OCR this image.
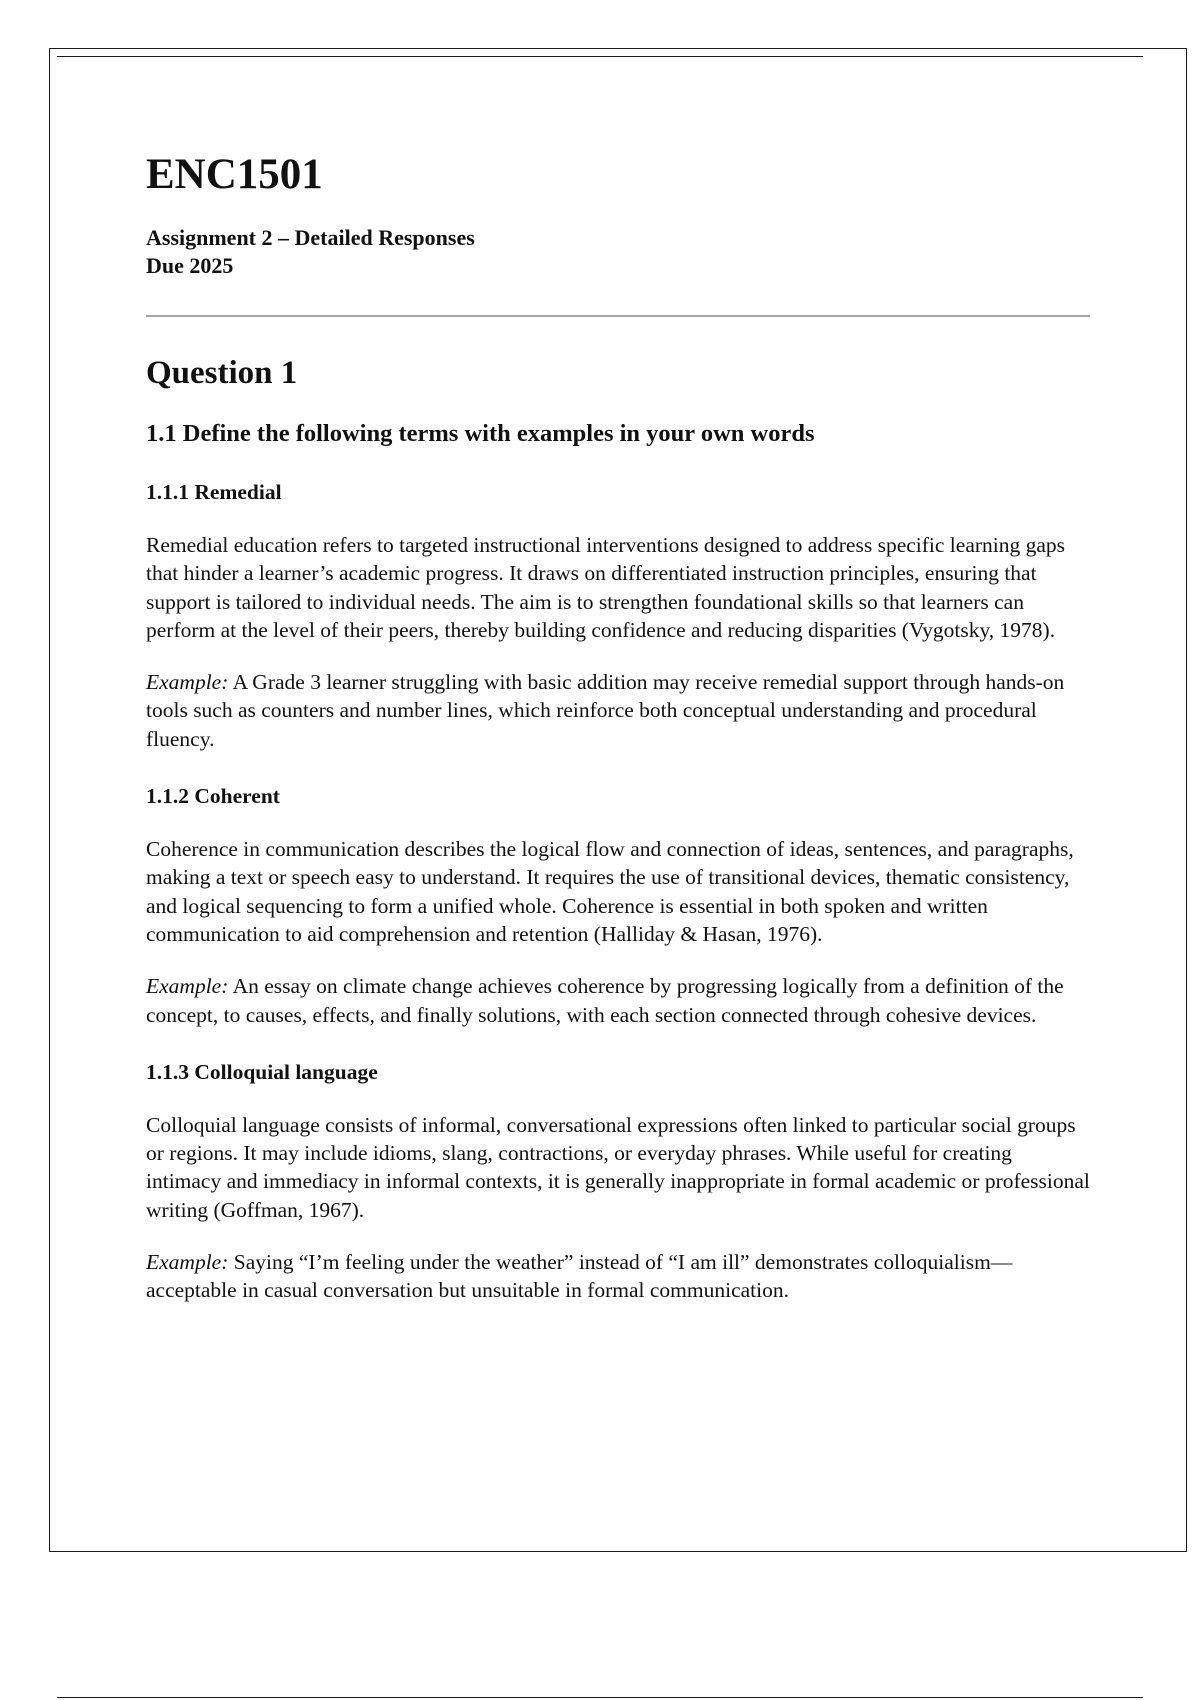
ENC1501
Assignment 2 – Detailed Responses
Due 2025
Question 1
1.1 Define the following terms with examples in your own words
1.1.1 Remedial
Remedial education refers to targeted instructional interventions designed to address specific learning gaps that hinder a learner’s academic progress. It draws on differentiated instruction principles, ensuring that support is tailored to individual needs. The aim is to strengthen foundational skills so that learners can perform at the level of their peers, thereby building confidence and reducing disparities (Vygotsky, 1978).
Example: A Grade 3 learner struggling with basic addition may receive remedial support through hands-on tools such as counters and number lines, which reinforce both conceptual understanding and procedural fluency.
1.1.2 Coherent
Coherence in communication describes the logical flow and connection of ideas, sentences, and paragraphs, making a text or speech easy to understand. It requires the use of transitional devices, thematic consistency, and logical sequencing to form a unified whole. Coherence is essential in both spoken and written communication to aid comprehension and retention (Halliday & Hasan, 1976).
Example: An essay on climate change achieves coherence by progressing logically from a definition of the concept, to causes, effects, and finally solutions, with each section connected through cohesive devices.
1.1.3 Colloquial language
Colloquial language consists of informal, conversational expressions often linked to particular social groups or regions. It may include idioms, slang, contractions, or everyday phrases. While useful for creating intimacy and immediacy in informal contexts, it is generally inappropriate in formal academic or professional writing (Goffman, 1967).
Example: Saying “I’m feeling under the weather” instead of “I am ill” demonstrates colloquialism—acceptable in casual conversation but unsuitable in formal communication.
